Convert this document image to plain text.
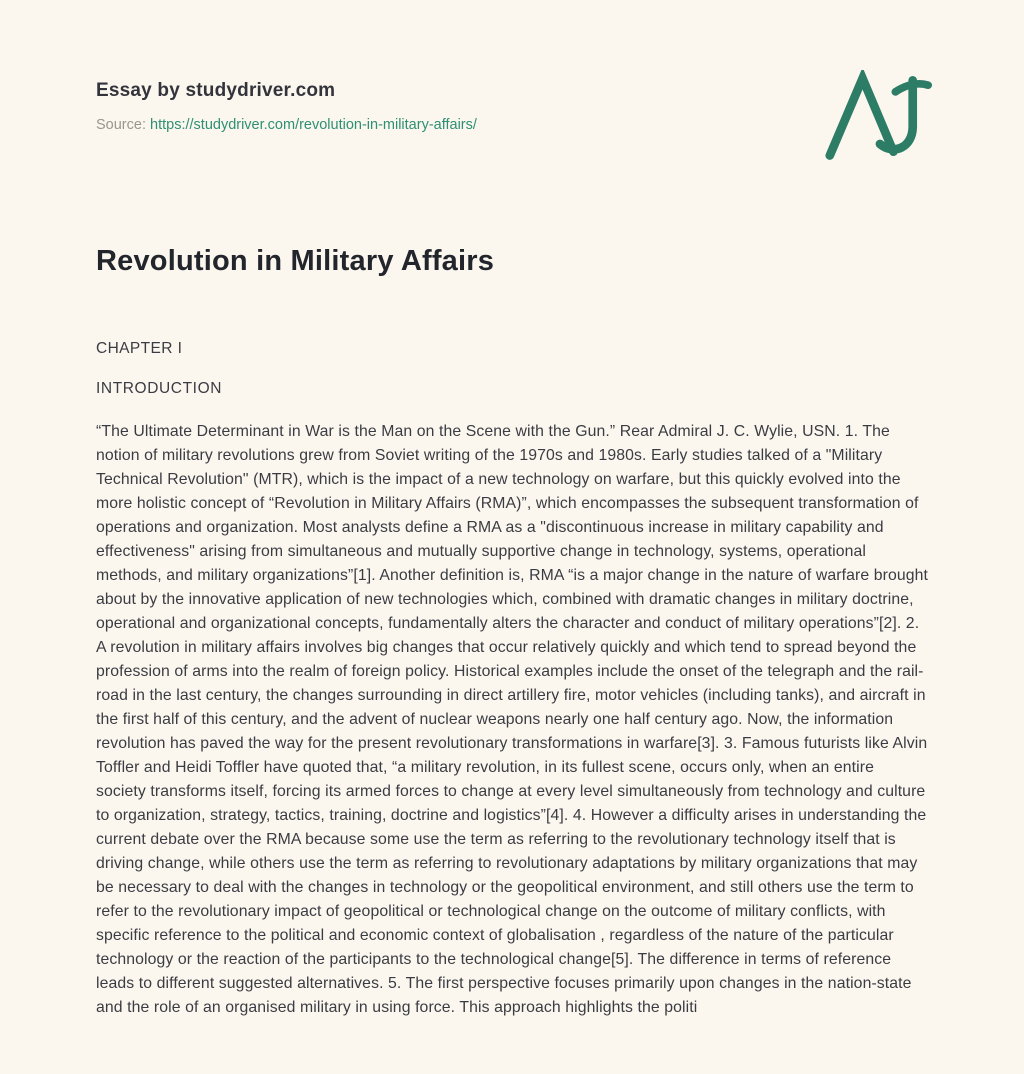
Essay by studydriver.com
Source: https://studydriver.com/revolution-in-military-affairs/
Revolution in Military Affairs
CHAPTER I
INTRODUCTION

“The Ultimate Determinant in War is the Man on the Scene with the Gun.” Rear Admiral J. C. Wylie, USN. 1. The notion of military revolutions grew from Soviet writing of the 1970s and 1980s. Early studies talked of a "Military Technical Revolution" (MTR), which is the impact of a new technology on warfare, but this quickly evolved into the more holistic concept of “Revolution in Military Affairs (RMA)”, which encompasses the subsequent transformation of operations and organization. Most analysts define a RMA as a "discontinuous increase in military capability and effectiveness" arising from simultaneous and mutually supportive change in technology, systems, operational methods, and military organizations”[1]. Another definition is, RMA “is a major change in the nature of warfare brought about by the innovative application of new technologies which, combined with dramatic changes in military doctrine, operational and organizational concepts, fundamentally alters the character and conduct of military operations”[2]. 2. A revolution in military affairs involves big changes that occur relatively quickly and which tend to spread beyond the profession of arms into the realm of foreign policy. Historical examples include the onset of the telegraph and the rail-road in the last century, the changes surrounding in direct artillery fire, motor vehicles (including tanks), and aircraft in the first half of this century, and the advent of nuclear weapons nearly one half century ago. Now, the information revolution has paved the way for the present revolutionary transformations in warfare[3]. 3. Famous futurists like Alvin Toffler and Heidi Toffler have quoted that, “a military revolution, in its fullest scene, occurs only, when an entire society transforms itself, forcing its armed forces to change at every level simultaneously from technology and culture to organization, strategy, tactics, training, doctrine and logistics”[4]. 4. However a difficulty arises in understanding the current debate over the RMA because some use the term as referring to the revolutionary technology itself that is driving change, while others use the term as referring to revolutionary adaptations by military organizations that may be necessary to deal with the changes in technology or the geopolitical environment, and still others use the term to refer to the revolutionary impact of geopolitical or technological change on the outcome of military conflicts, with specific reference to the political and economic context of globalisation , regardless of the nature of the particular technology or the reaction of the participants to the technological change[5]. The difference in terms of reference leads to different suggested alternatives. 5. The first perspective focuses primarily upon changes in the nation-state and the role of an organised military in using force. This approach highlights the politi
